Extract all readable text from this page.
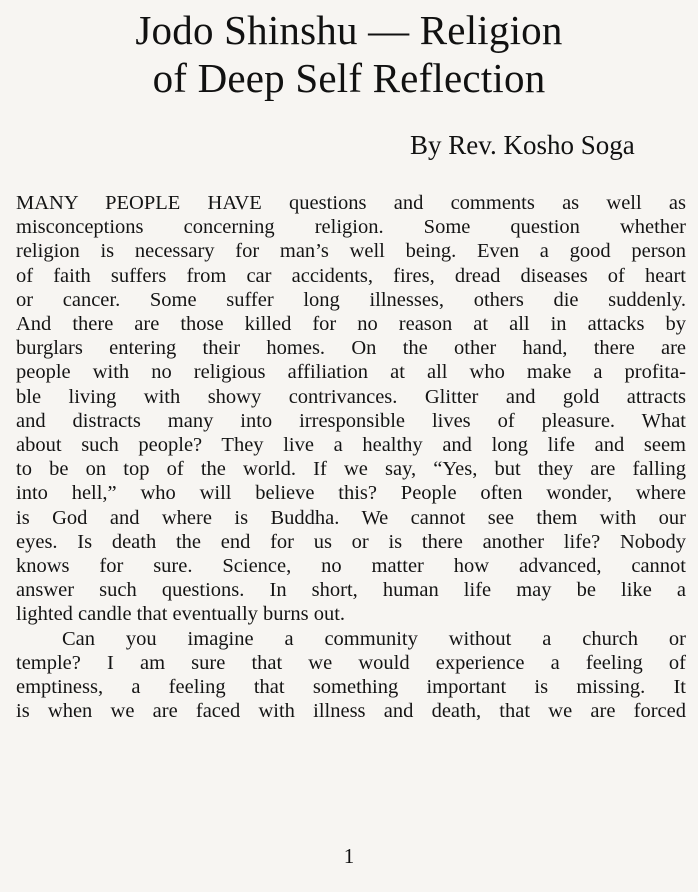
Jodo Shinshu — Religion
of Deep Self Reflection
By Rev. Kosho Soga
MANY PEOPLE HAVE questions and comments as well as
misconceptions concerning religion. Some question whether
religion is necessary for man’s well being. Even a good person
of faith suffers from car accidents, fires, dread diseases of heart
or cancer. Some suffer long illnesses, others die suddenly.
And there are those killed for no reason at all in attacks by
burglars entering their homes. On the other hand, there are
people with no religious affiliation at all who make a profita-
ble living with showy contrivances. Glitter and gold attracts
and distracts many into irresponsible lives of pleasure. What
about such people? They live a healthy and long life and seem
to be on top of the world. If we say, “Yes, but they are falling
into hell,” who will believe this? People often wonder, where
is God and where is Buddha. We cannot see them with our
eyes. Is death the end for us or is there another life? Nobody
knows for sure. Science, no matter how advanced, cannot
answer such questions. In short, human life may be like a
lighted candle that eventually burns out.
Can you imagine a community without a church or
temple? I am sure that we would experience a feeling of
emptiness, a feeling that something important is missing. It
is when we are faced with illness and death, that we are forced
1
